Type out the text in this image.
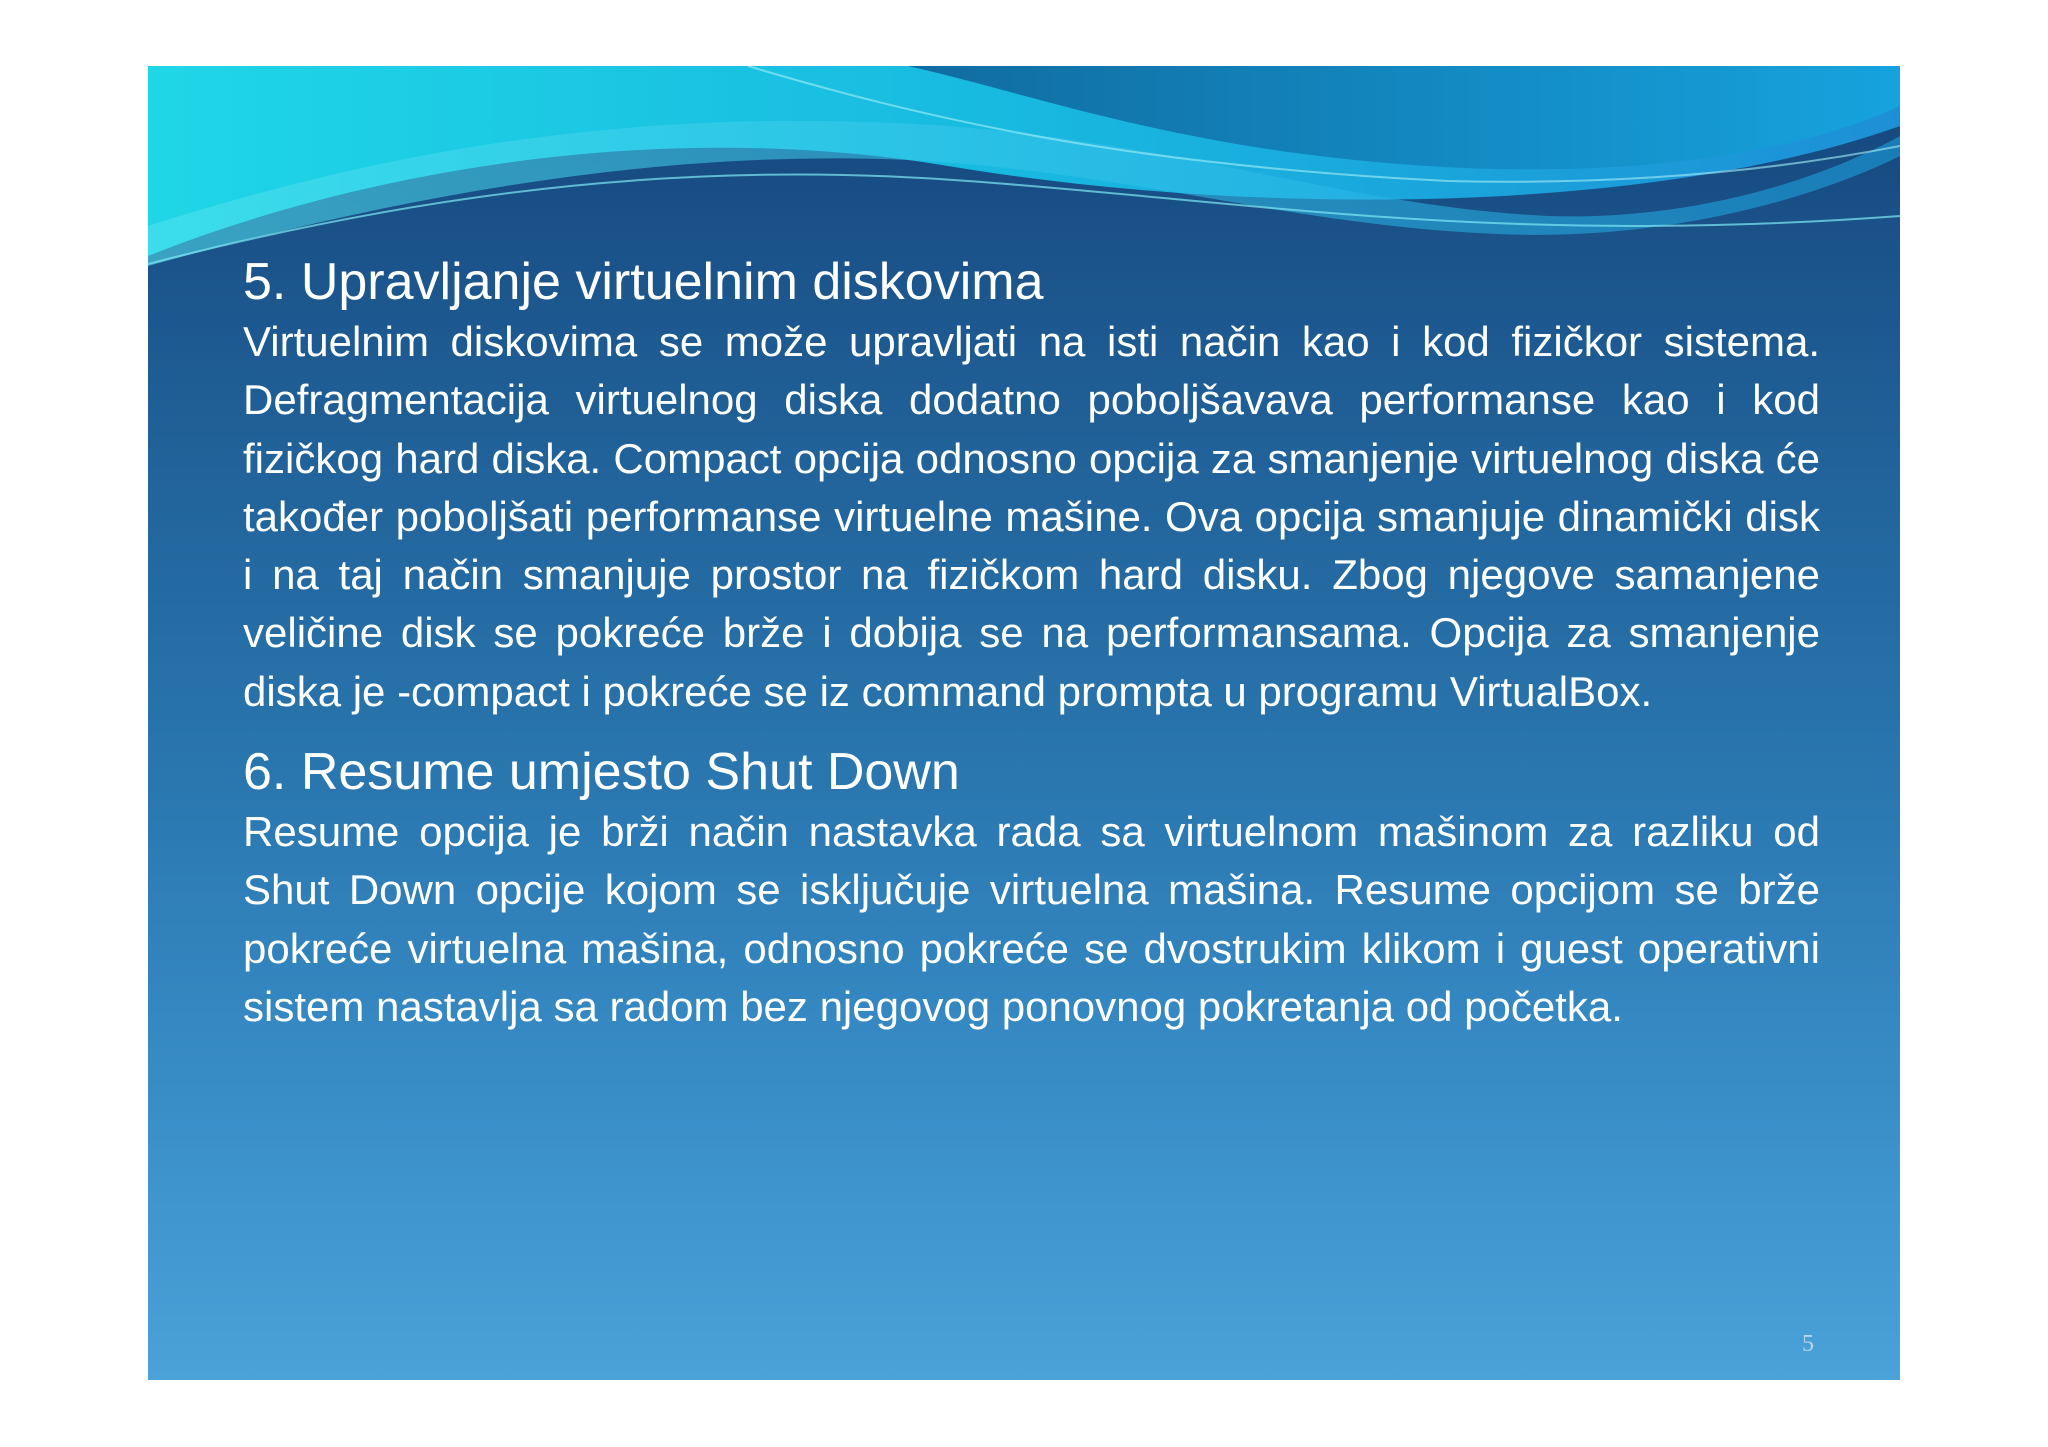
5. Upravljanje virtuelnim diskovima

Virtuelnim diskovima se može upravljati na isti način kao i kod fizičkor sistema. Defragmentacija virtuelnog diska dodatno poboljšavava performanse kao i kod fizičkog hard diska. Compact opcija odnosno opcija za smanjenje virtuelnog diska će također poboljšati performanse virtuelne mašine. Ova opcija smanjuje dinamički disk i na taj način smanjuje prostor na fizičkom hard disku. Zbog njegove samanjene veličine disk se pokreće brže i dobija se na performansama. Opcija za smanjenje diska je -compact i pokreće se iz command prompta u programu VirtualBox.

6. Resume umjesto Shut Down

Resume opcija je brži način nastavka rada sa virtuelnom mašinom za razliku od Shut Down opcije kojom se isključuje virtuelna mašina. Resume opcijom se brže pokreće virtuelna mašina, odnosno pokreće se dvostrukim klikom i guest operativni sistem nastavlja sa radom bez njegovog ponovnog pokretanja od početka.

5
